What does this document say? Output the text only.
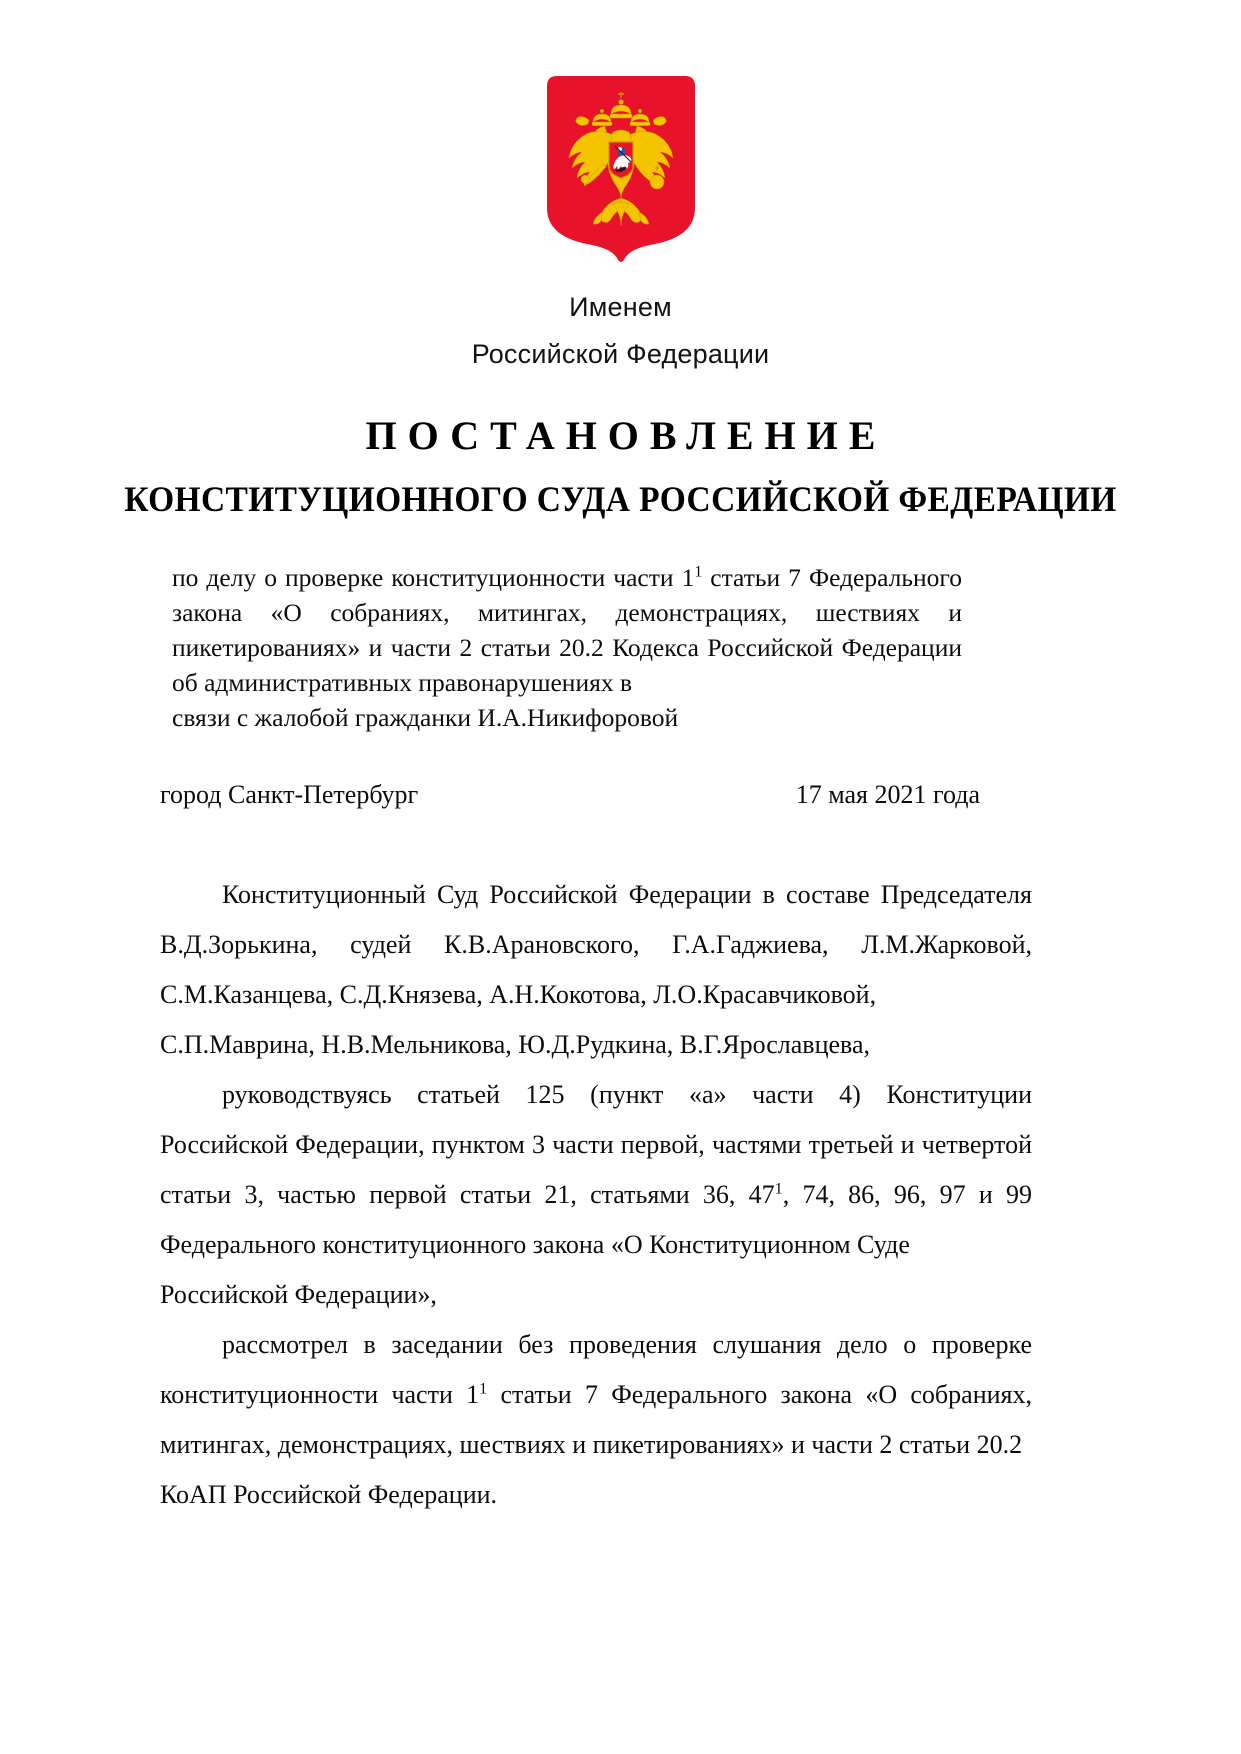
Именем
Российской Федерации
ПОСТАНОВЛЕНИЕ
КОНСТИТУЦИОННОГО СУДА РОССИЙСКОЙ ФЕДЕРАЦИИ
по делу о проверке конституционности части 1$^1$ статьи 7 Федерального закона «О собраниях, митингах, демонстрациях, шествиях и пикетированиях» и части 2 статьи 20.2 Кодекса Российской Федерации об административных правонарушениях в
связи с жалобой гражданки И.А.Никифоровой
город Санкт-Петербург	17 мая 2021 года

Конституционный Суд Российской Федерации в составе Председателя В.Д.Зорькина, судей К.В.Арановского, Г.А.Гаджиева, Л.М.Жарковой, С.М.Казанцева, С.Д.Князева, А.Н.Кокотова, Л.О.Красавчиковой,

С.П.Маврина, Н.В.Мельникова, Ю.Д.Рудкина, В.Г.Ярославцева,

руководствуясь статьей 125 (пункт «а» части 4) Конституции Российской Федерации, пунктом 3 части первой, частями третьей и четвертой статьи 3, частью первой статьи 21, статьями 36, 47$^1$, 74, 86, 96, 97 и 99 Федерального конституционного закона «О Конституционном Суде

Российской Федерации»,

рассмотрел в заседании без проведения слушания дело о проверке конституционности части 1$^1$ статьи 7 Федерального закона «О собраниях, митингах, демонстрациях, шествиях и пикетированиях» и части 2 статьи 20.2

КоАП Российской Федерации.
